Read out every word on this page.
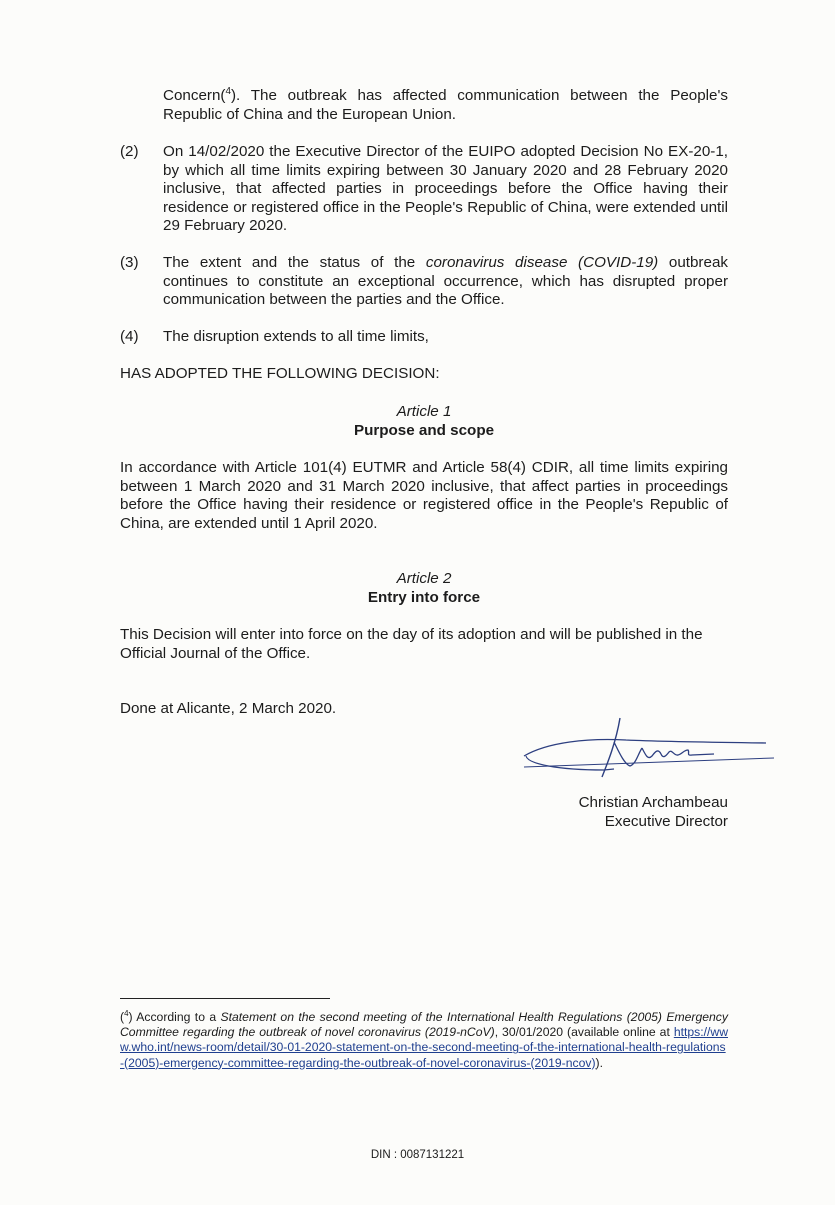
Concern($^4$). The outbreak has affected communication between the People's Republic of China and the European Union.
(2) On 14/02/2020 the Executive Director of the EUIPO adopted Decision No EX-20-1, by which all time limits expiring between 30 January 2020 and 28 February 2020 inclusive, that affected parties in proceedings before the Office having their residence or registered office in the People's Republic of China, were extended until 29 February 2020.
(3) The extent and the status of the coronavirus disease (COVID-19) outbreak continues to constitute an exceptional occurrence, which has disrupted proper communication between the parties and the Office.
(4) The disruption extends to all time limits,
HAS ADOPTED THE FOLLOWING DECISION:
Article 1
Purpose and scope
In accordance with Article 101(4) EUTMR and Article 58(4) CDIR, all time limits expiring between 1 March 2020 and 31 March 2020 inclusive, that affect parties in proceedings before the Office having their residence or registered office in the People's Republic of China, are extended until 1 April 2020.
Article 2
Entry into force
This Decision will enter into force on the day of its adoption and will be published in the Official Journal of the Office.
Done at Alicante, 2 March 2020.
Christian Archambeau
Executive Director
($^4$) According to a Statement on the second meeting of the International Health Regulations (2005) Emergency Committee regarding the outbreak of novel coronavirus (2019-nCoV), 30/01/2020 (available online at https://www.who.int/news-room/detail/30-01-2020-statement-on-the-second-meeting-of-the-international-health-regulations-(2005)-emergency-committee-regarding-the-outbreak-of-novel-coronavirus-(2019-ncov)).
DIN : 0087131221
